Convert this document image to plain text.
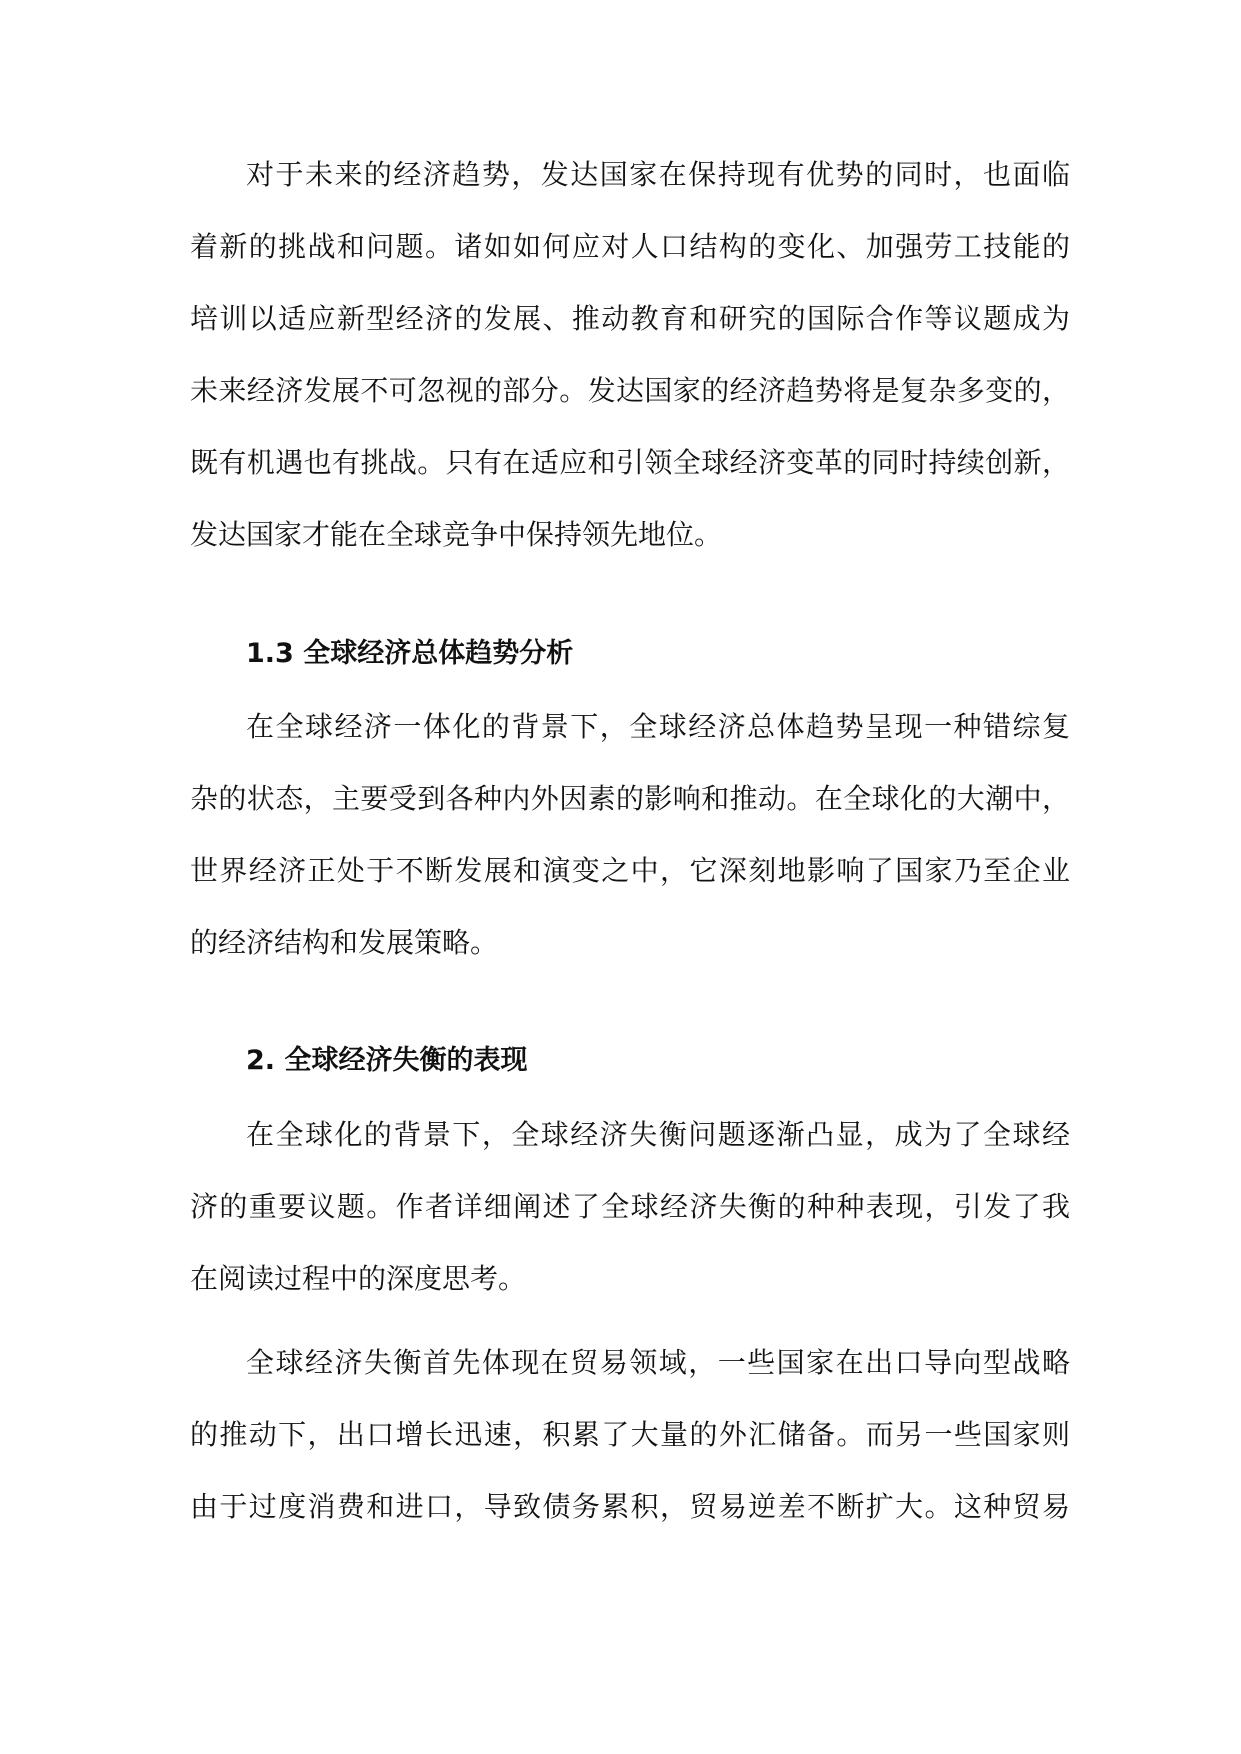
对于未来的经济趋势，发达国家在保持现有优势的同时，也面临
着新的挑战和问题。诸如如何应对人口结构的变化、加强劳工技能的
培训以适应新型经济的发展、推动教育和研究的国际合作等议题成为
未来经济发展不可忽视的部分。发达国家的经济趋势将是复杂多变的，
既有机遇也有挑战。只有在适应和引领全球经济变革的同时持续创新，
发达国家才能在全球竞争中保持领先地位。
1.3 全球经济总体趋势分析
在全球经济一体化的背景下，全球经济总体趋势呈现一种错综复
杂的状态，主要受到各种内外因素的影响和推动。在全球化的大潮中，
世界经济正处于不断发展和演变之中，它深刻地影响了国家乃至企业
的经济结构和发展策略。
2. 全球经济失衡的表现
在全球化的背景下，全球经济失衡问题逐渐凸显，成为了全球经
济的重要议题。作者详细阐述了全球经济失衡的种种表现，引发了我
在阅读过程中的深度思考。
全球经济失衡首先体现在贸易领域，一些国家在出口导向型战略
的推动下，出口增长迅速，积累了大量的外汇储备。而另一些国家则
由于过度消费和进口，导致债务累积，贸易逆差不断扩大。这种贸易
